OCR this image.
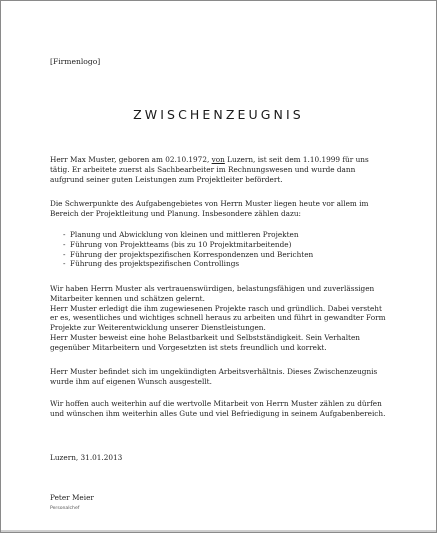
[Firmenlogo]
ZWISCHENZEUGNIS

Herr Max Muster, geboren am 02.10.1972, von Luzern, ist seit dem 1.10.1999 für uns tätig. Er arbeitete zuerst als Sachbearbeiter im Rechnungswesen und wurde dann aufgrund seiner guten Leistungen zum Projektleiter befördert.

Die Schwerpunkte des Aufgabengebietes von Herrn Muster liegen heute vor allem im Bereich der Projektleitung und Planung. Insbesondere zählen dazu:

- Planung und Abwicklung von kleinen und mittleren Projekten
- Führung von Projektteams (bis zu 10 Projektmitarbeitende)
- Führung der projektspezifischen Korrespondenzen und Berichten
- Führung des projektspezifischen Controllings

Wir haben Herrn Muster als vertrauenswürdigen, belastungsfähigen und zuverlässigen Mitarbeiter kennen und schätzen gelernt.

Herr Muster erledigt die ihm zugewiesenen Projekte rasch und gründlich. Dabei versteht er es, wesentliches und wichtiges schnell heraus zu arbeiten und führt in gewandter Form Projekte zur Weiterentwicklung unserer Dienstleistungen.

Herr Muster beweist eine hohe Belastbarkeit und Selbstständigkeit. Sein Verhalten gegenüber Mitarbeitern und Vorgesetzten ist stets freundlich und korrekt.

Herr Muster befindet sich im ungekündigten Arbeitsverhältnis. Dieses Zwischenzeugnis wurde ihm auf eigenen Wunsch ausgestellt.

Wir hoffen auch weiterhin auf die wertvolle Mitarbeit von Herrn Muster zählen zu dürfen und wünschen ihm weiterhin alles Gute und viel Befriedigung in seinem Aufgabenbereich.

Luzern, 31.01.2013
Peter Meier
Personalchef
